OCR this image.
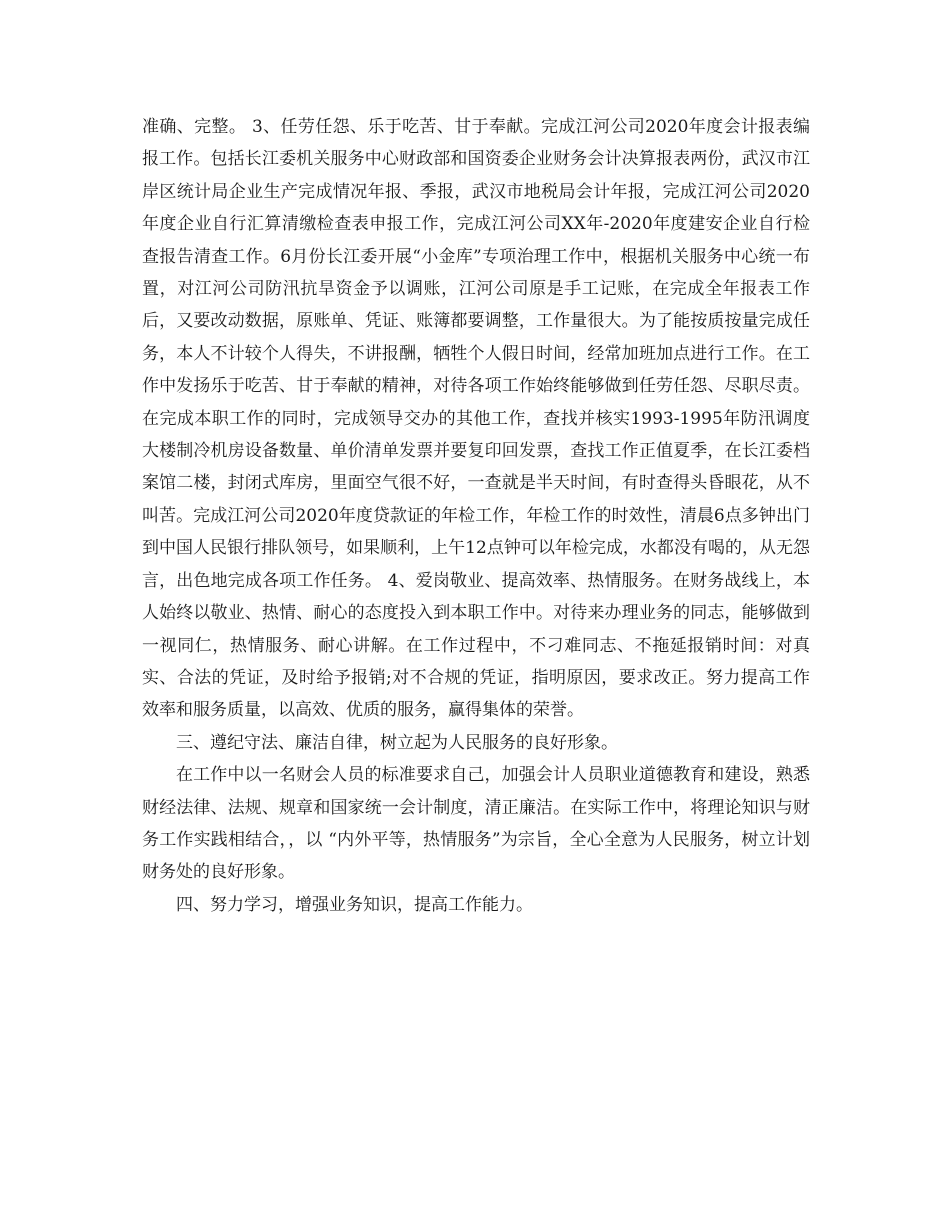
准确、完整。 3、任劳任怨、乐于吃苦、甘于奉献。完成江河公司2020年度会计报表编报工作。包括长江委机关服务中心财政部和国资委企业财务会计决算报表两份，武汉市江岸区统计局企业生产完成情况年报、季报，武汉市地税局会计年报，完成江河公司2020年度企业自行汇算清缴检查表申报工作，完成江河公司XX年-2020年度建安企业自行检查报告清查工作。6月份长江委开展“小金库”专项治理工作中，根据机关服务中心统一布置，对江河公司防汛抗旱资金予以调账，江河公司原是手工记账，在完成全年报表工作后，又要改动数据，原账单、凭证、账簿都要调整，工作量很大。为了能按质按量完成任务，本人不计较个人得失，不讲报酬，牺牲个人假日时间，经常加班加点进行工作。在工作中发扬乐于吃苦、甘于奉献的精神，对待各项工作始终能够做到任劳任怨、尽职尽责。在完成本职工作的同时，完成领导交办的其他工作，查找并核实1993-1995年防汛调度大楼制冷机房设备数量、单价清单发票并要复印回发票，查找工作正值夏季，在长江委档案馆二楼，封闭式库房，里面空气很不好，一查就是半天时间，有时查得头昏眼花，从不叫苦。完成江河公司2020年度贷款证的年检工作，年检工作的时效性，清晨6点多钟出门到中国人民银行排队领号，如果顺利，上午12点钟可以年检完成，水都没有喝的，从无怨言，出色地完成各项工作任务。 4、爱岗敬业、提高效率、热情服务。在财务战线上，本人始终以敬业、热情、耐心的态度投入到本职工作中。对待来办理业务的同志，能够做到一视同仁，热情服务、耐心讲解。在工作过程中，不刁难同志、不拖延报销时间：对真实、合法的凭证，及时给予报销;对不合规的凭证，指明原因，要求改正。努力提高工作效率和服务质量，以高效、优质的服务，赢得集体的荣誉。

三、遵纪守法、廉洁自律，树立起为人民服务的良好形象。

在工作中以一名财会人员的标准要求自己，加强会计人员职业道德教育和建设，熟悉财经法律、法规、规章和国家统一会计制度，清正廉洁。在实际工作中，将理论知识与财务工作实践相结合，，以 “内外平等，热情服务”为宗旨，全心全意为人民服务，树立计划财务处的良好形象。

四、努力学习，增强业务知识，提高工作能力。
